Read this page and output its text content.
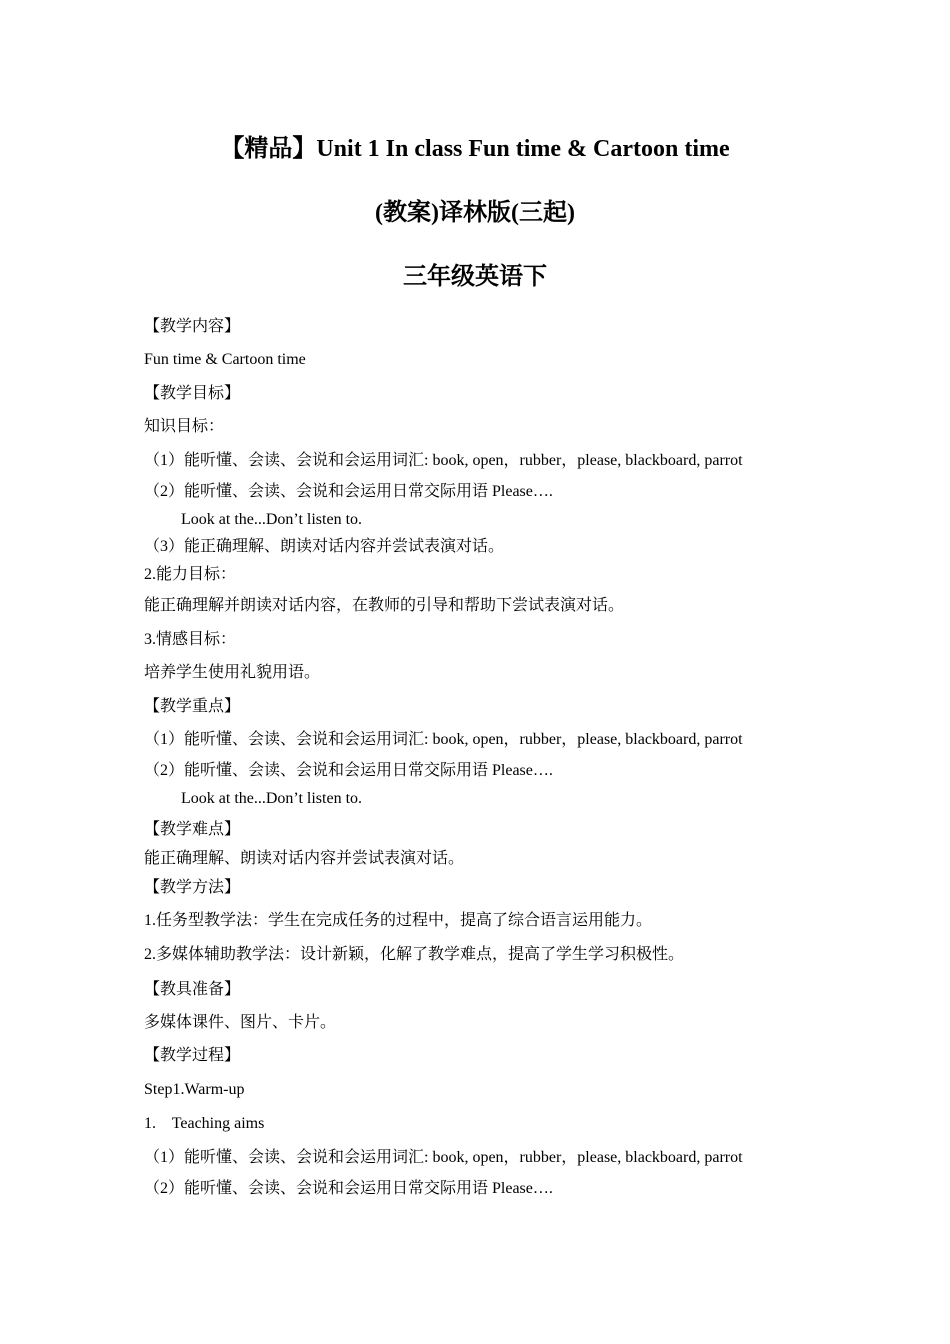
【精品】Unit 1 In class Fun time & Cartoon time
(教案)译林版(三起)
三年级英语下
【教学内容】
Fun time & Cartoon time
【教学目标】
知识目标：
（1）能听懂、会读、会说和会运用词汇: book, open，rubber，please, blackboard, parrot
（2）能听懂、会读、会说和会运用日常交际用语 Please….
Look at the...Don’t listen to.
（3）能正确理解、朗读对话内容并尝试表演对话。
2.能力目标：
能正确理解并朗读对话内容，在教师的引导和帮助下尝试表演对话。
3.情感目标：
培养学生使用礼貌用语。
【教学重点】
（1）能听懂、会读、会说和会运用词汇: book, open，rubber，please, blackboard, parrot
（2）能听懂、会读、会说和会运用日常交际用语 Please….
Look at the...Don’t listen to.
【教学难点】
能正确理解、朗读对话内容并尝试表演对话。
【教学方法】
1.任务型教学法：学生在完成任务的过程中，提高了综合语言运用能力。
2.多媒体辅助教学法：设计新颖，化解了教学难点，提高了学生学习积极性。
【教具准备】
多媒体课件、图片、卡片。
【教学过程】
Step1.Warm-up
1.    Teaching aims
（1）能听懂、会读、会说和会运用词汇: book, open，rubber，please, blackboard, parrot
（2）能听懂、会读、会说和会运用日常交际用语 Please….
